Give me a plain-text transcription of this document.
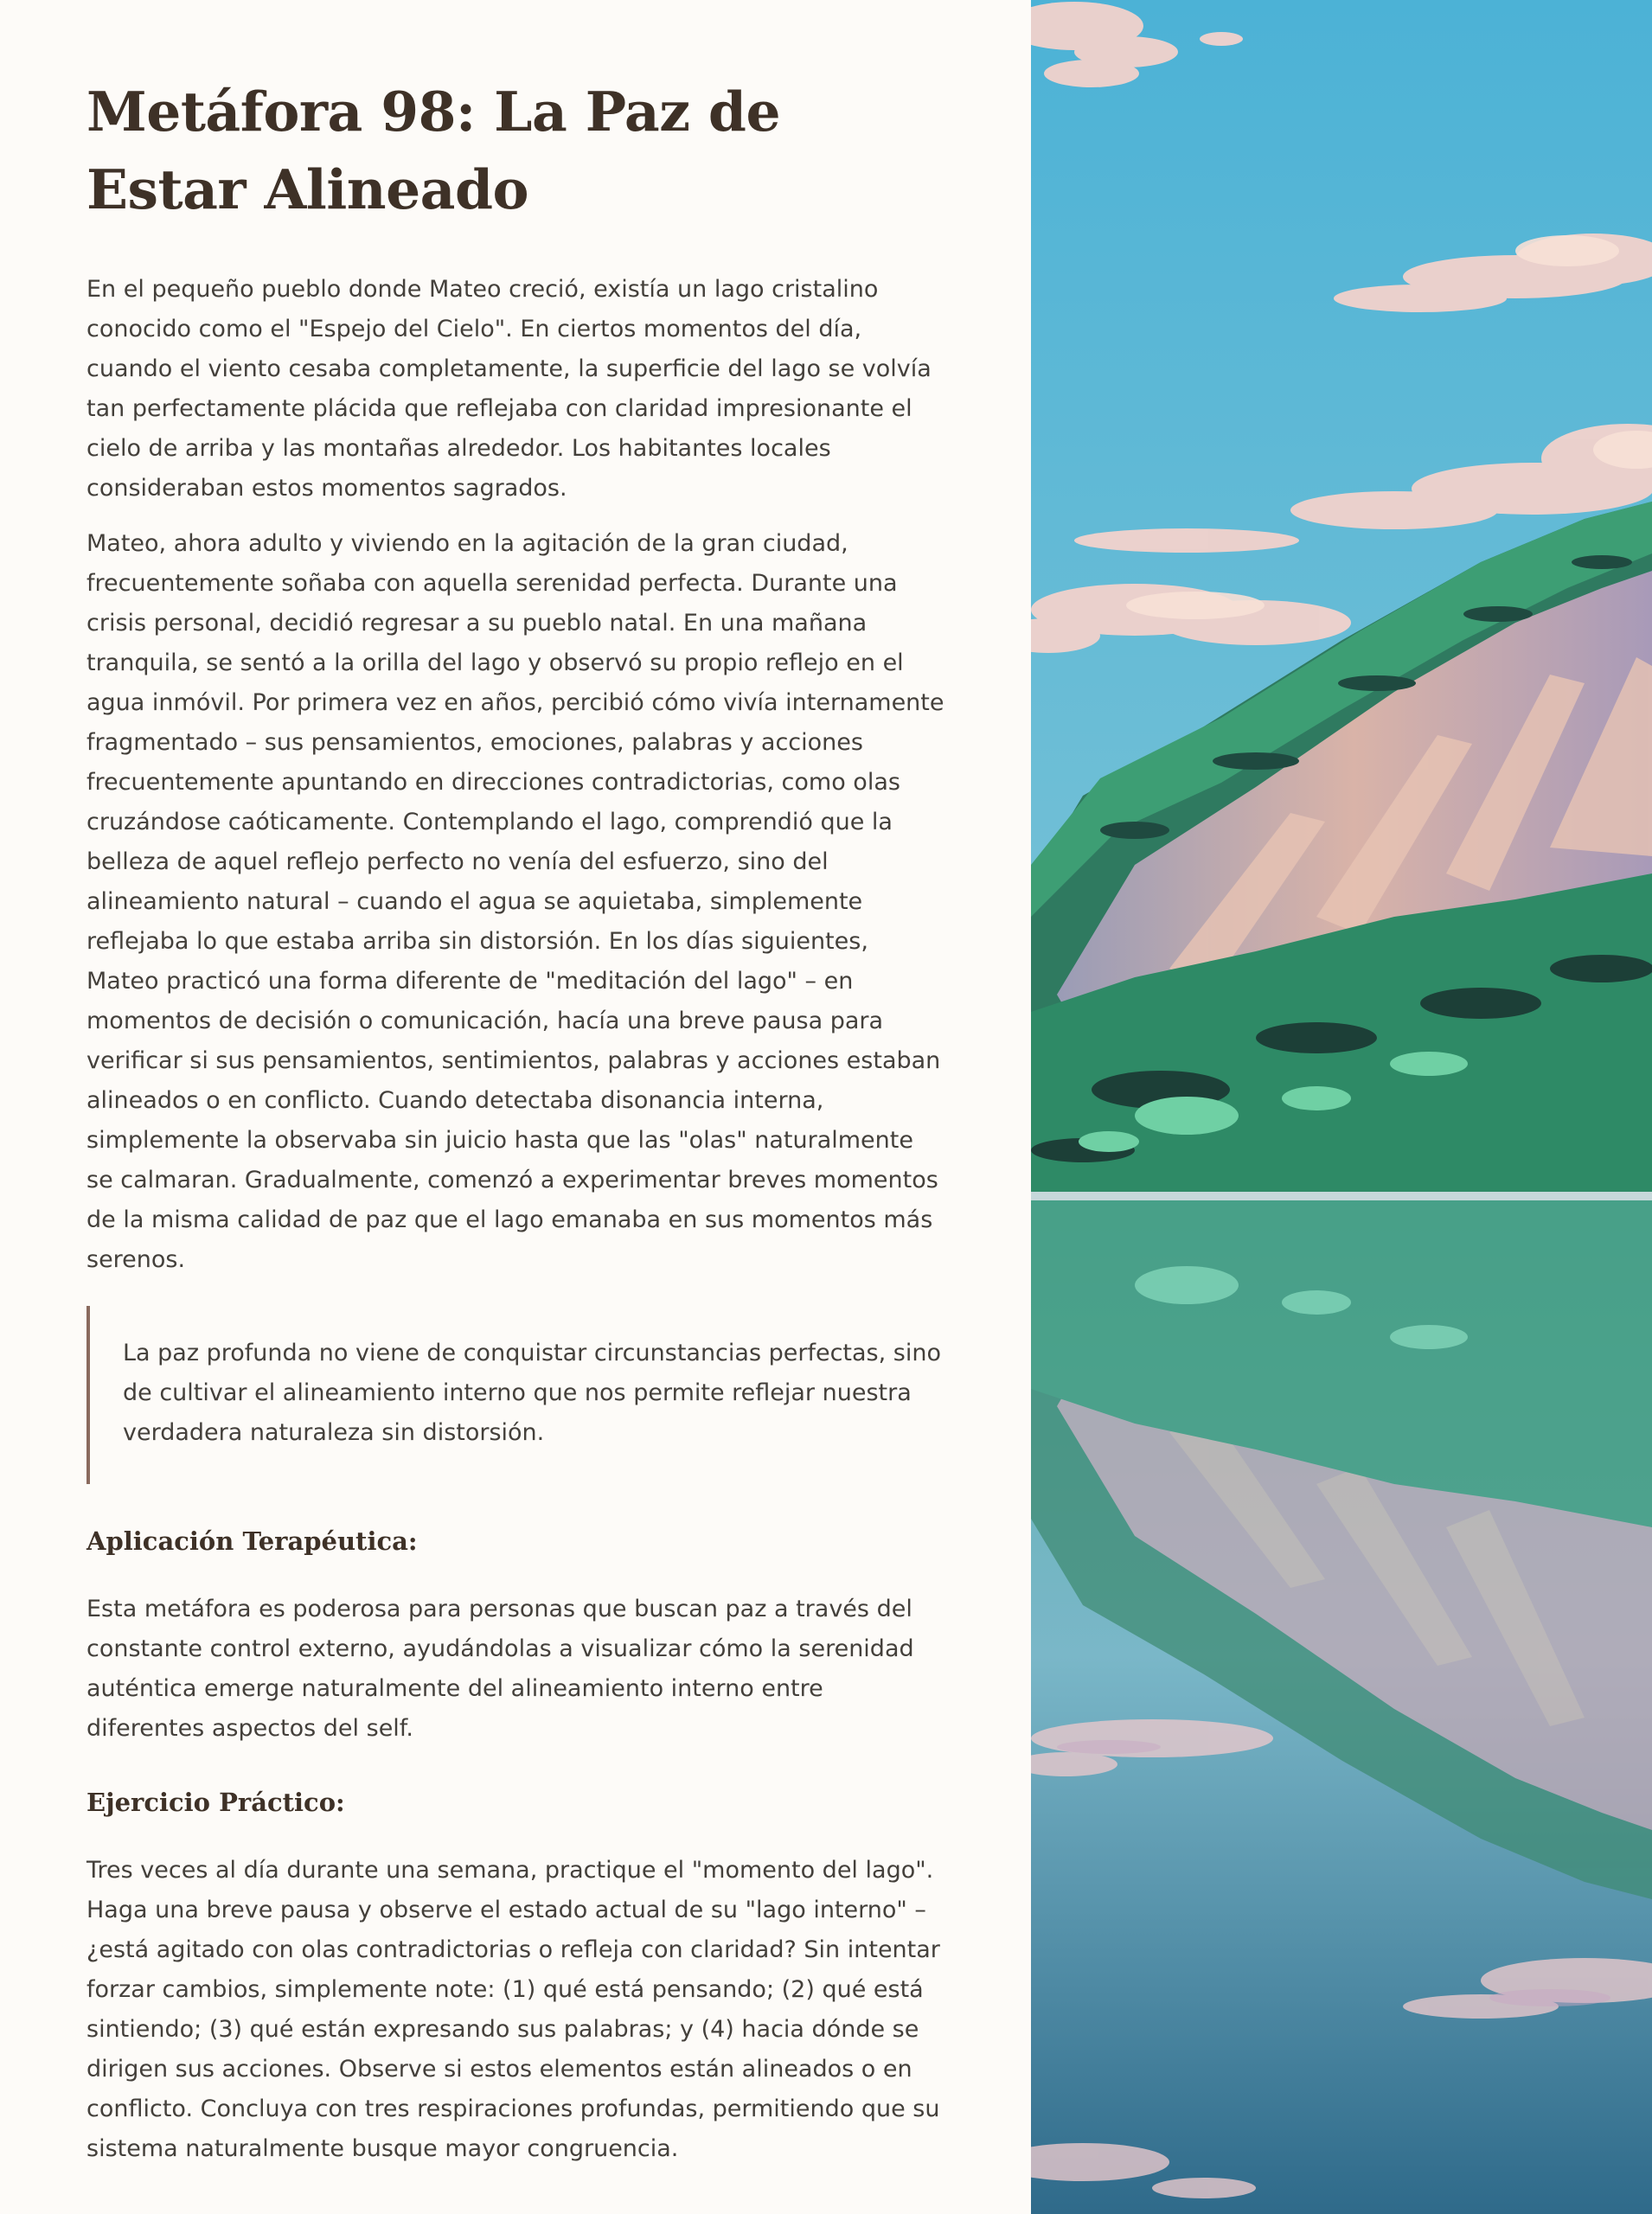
Metáfora 98: La Paz de Estar Alineado

En el pequeño pueblo donde Mateo creció, existía un lago cristalino conocido como el "Espejo del Cielo". En ciertos momentos del día, cuando el viento cesaba completamente, la superficie del lago se volvía tan perfectamente plácida que reflejaba con claridad impresionante el cielo de arriba y las montañas alrededor. Los habitantes locales consideraban estos momentos sagrados.

Mateo, ahora adulto y viviendo en la agitación de la gran ciudad, frecuentemente soñaba con aquella serenidad perfecta. Durante una crisis personal, decidió regresar a su pueblo natal. En una mañana tranquila, se sentó a la orilla del lago y observó su propio reflejo en el agua inmóvil. Por primera vez en años, percibió cómo vivía internamente fragmentado – sus pensamientos, emociones, palabras y acciones frecuentemente apuntando en direcciones contradictorias, como olas cruzándose caóticamente. Contemplando el lago, comprendió que la belleza de aquel reflejo perfecto no venía del esfuerzo, sino del alineamiento natural – cuando el agua se aquietaba, simplemente reflejaba lo que estaba arriba sin distorsión. En los días siguientes, Mateo practicó una forma diferente de "meditación del lago" – en momentos de decisión o comunicación, hacía una breve pausa para verificar si sus pensamientos, sentimientos, palabras y acciones estaban alineados o en conflicto. Cuando detectaba disonancia interna, simplemente la observaba sin juicio hasta que las "olas" naturalmente se calmaran. Gradualmente, comenzó a experimentar breves momentos de la misma calidad de paz que el lago emanaba en sus momentos más serenos.

La paz profunda no viene de conquistar circunstancias perfectas, sino de cultivar el alineamiento interno que nos permite reflejar nuestra verdadera naturaleza sin distorsión.

Aplicación Terapéutica:

Esta metáfora es poderosa para personas que buscan paz a través del constante control externo, ayudándolas a visualizar cómo la serenidad auténtica emerge naturalmente del alineamiento interno entre diferentes aspectos del self.

Ejercicio Práctico:

Tres veces al día durante una semana, practique el "momento del lago". Haga una breve pausa y observe el estado actual de su "lago interno" – ¿está agitado con olas contradictorias o refleja con claridad? Sin intentar forzar cambios, simplemente note: (1) qué está pensando; (2) qué está sintiendo; (3) qué están expresando sus palabras; y (4) hacia dónde se dirigen sus acciones. Observe si estos elementos están alineados o en conflicto. Concluya con tres respiraciones profundas, permitiendo que su sistema naturalmente busque mayor congruencia.
